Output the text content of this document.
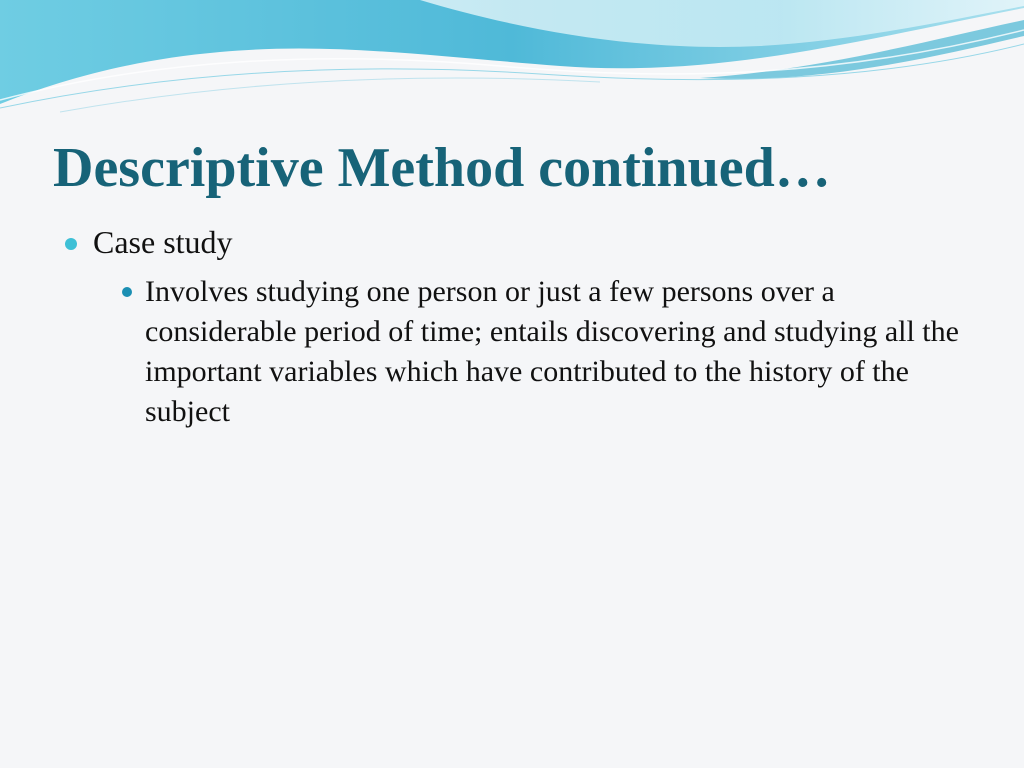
Descriptive Method continued…
Case study
Involves studying one person or just a few persons over a considerable period of time; entails discovering and studying all the important variables which have contributed to the history of the subject
